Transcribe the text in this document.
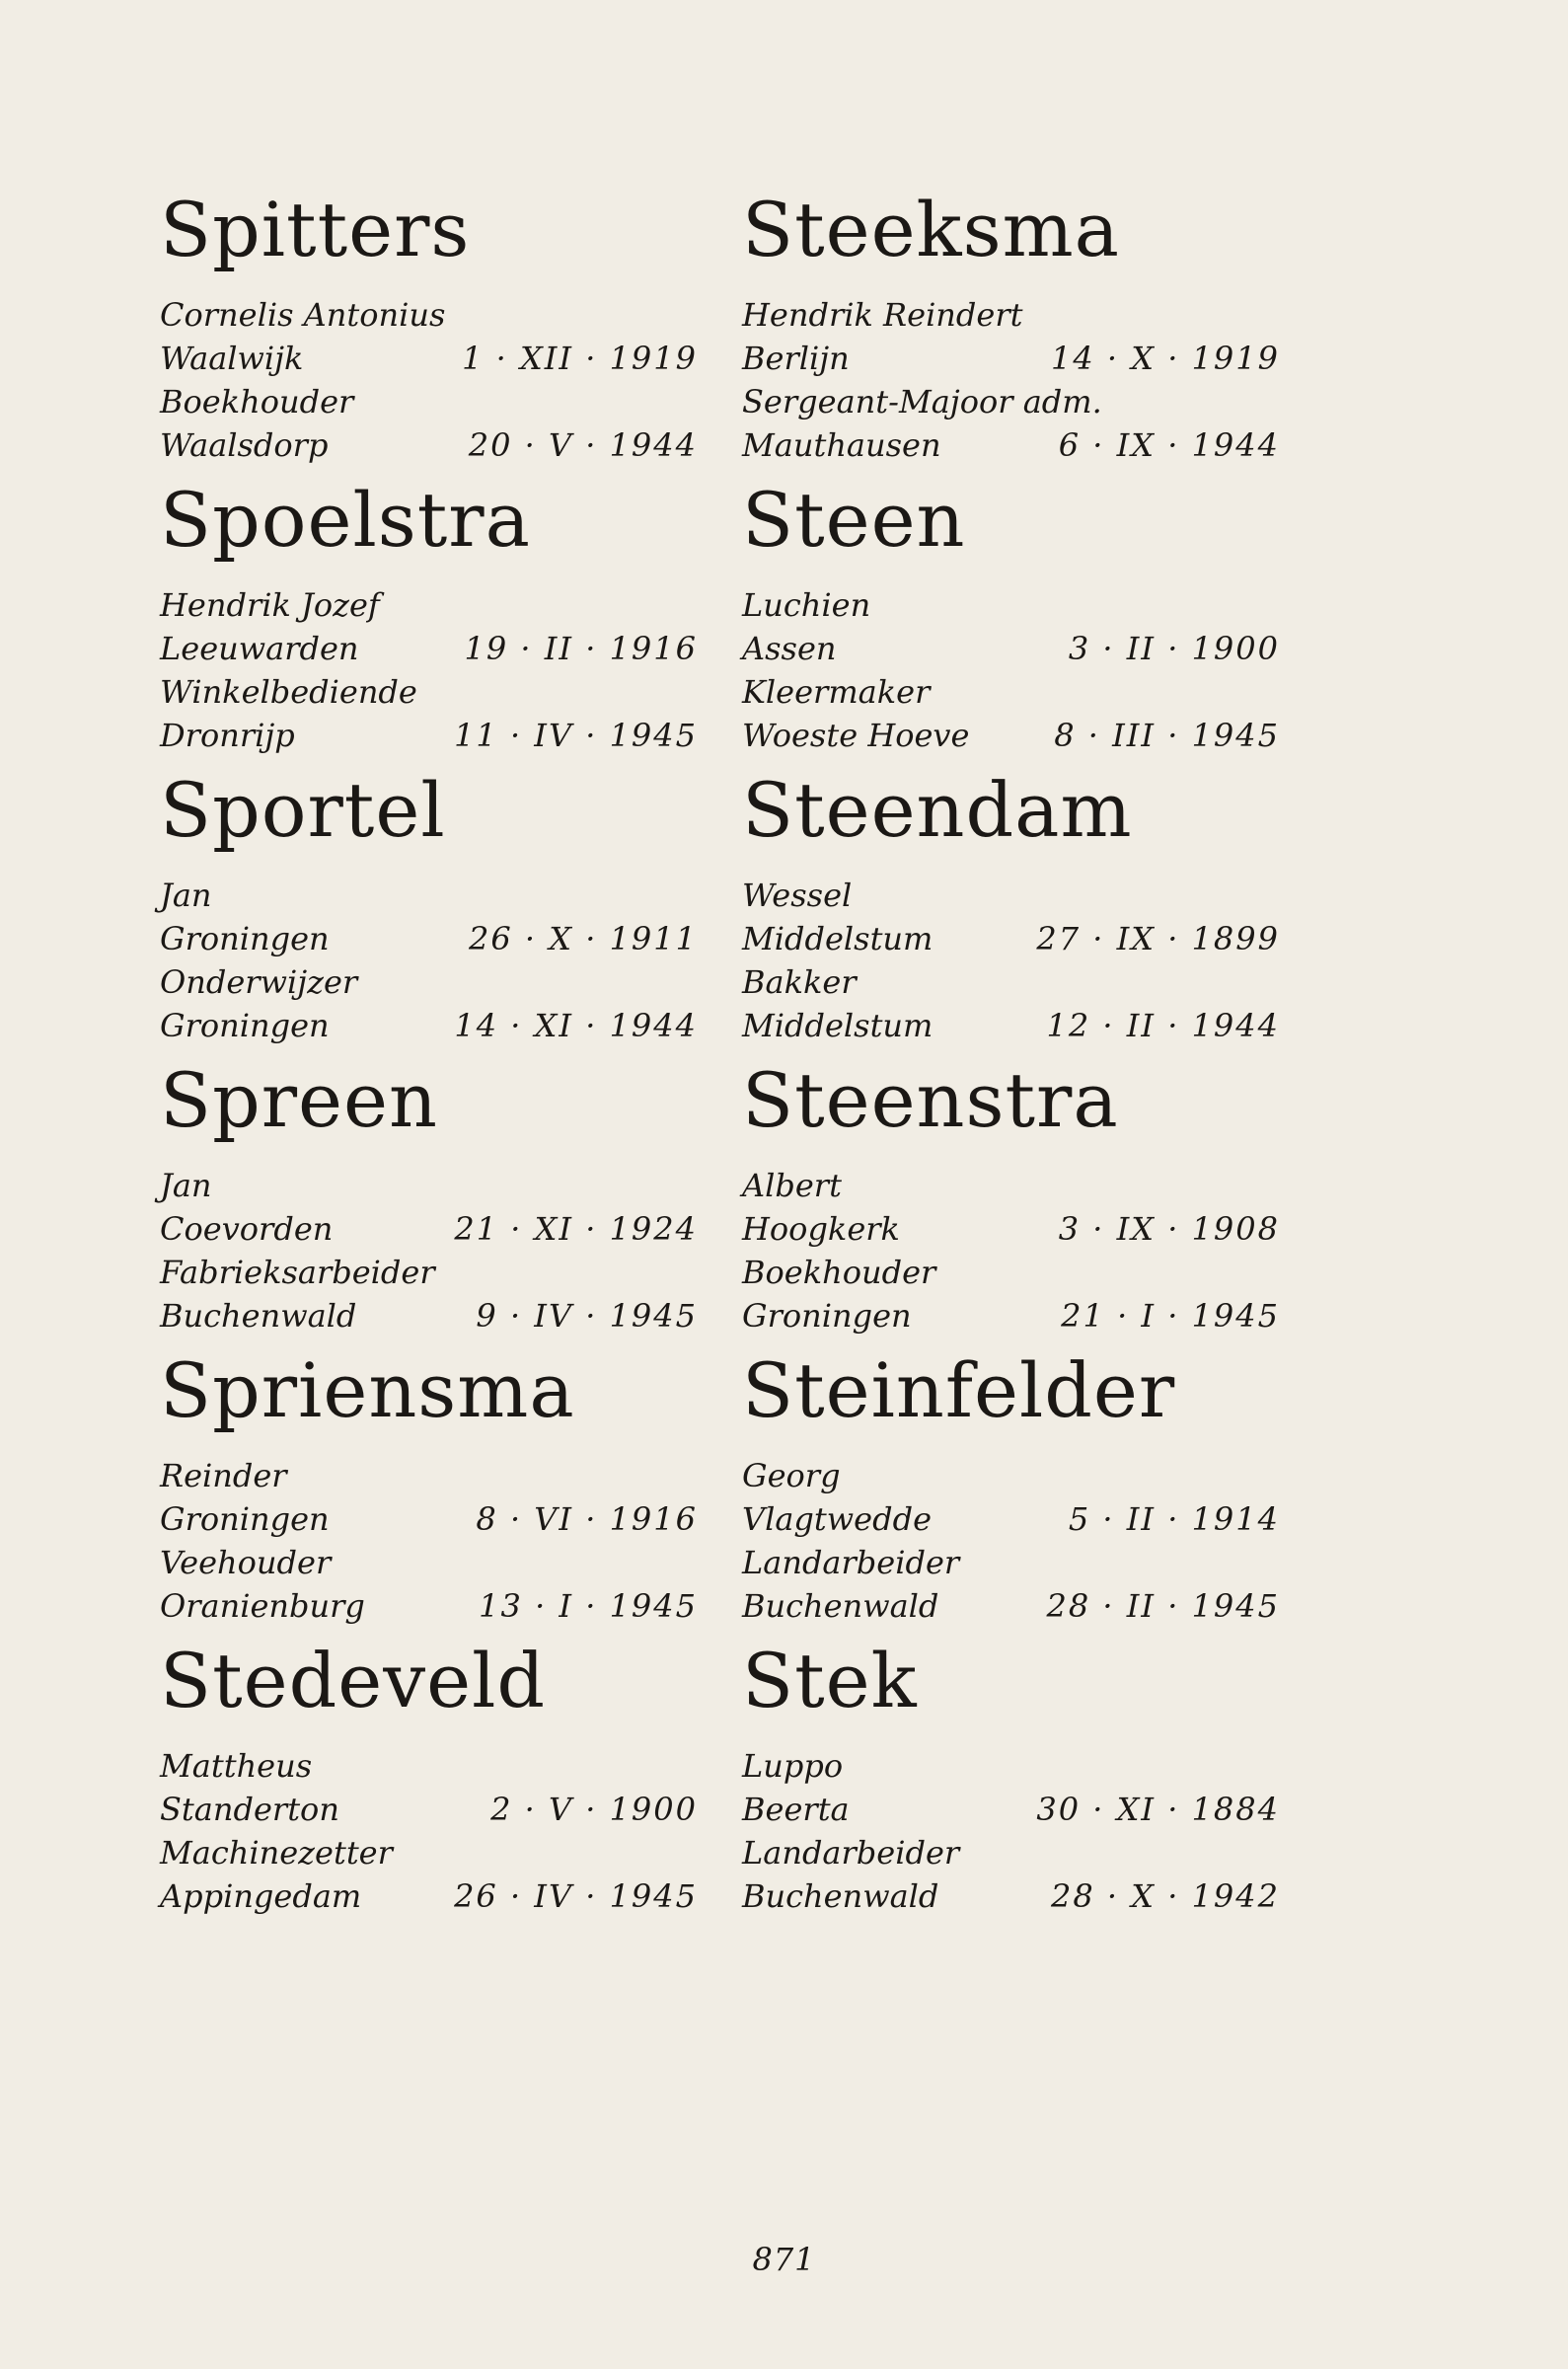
Spitters
Cornelis Antonius
Waalwijk	1 · XII · 1919
Boekhouder
Waalsdorp	20 · V · 1944
Spoelstra
Hendrik Jozef
Leeuwarden	19 · II · 1916
Winkelbediende
Dronrijp	11 · IV · 1945
Sportel
Jan
Groningen	26 · X · 1911
Onderwijzer
Groningen	14 · XI · 1944
Spreen
Jan
Coevorden	21 · XI · 1924
Fabrieksarbeider
Buchenwald	9 · IV · 1945
Spriensma
Reinder
Groningen	8 · VI · 1916
Veehouder
Oranienburg	13 · I · 1945
Stedeveld
Mattheus
Standerton	2 · V · 1900
Machinezetter
Appingedam	26 · IV · 1945
Steeksma
Hendrik Reindert
Berlijn	14 · X · 1919
Sergeant-Majoor adm.
Mauthausen	6 · IX · 1944
Steen
Luchien
Assen	3 · II · 1900
Kleermaker
Woeste Hoeve	8 · III · 1945
Steendam
Wessel
Middelstum	27 · IX · 1899
Bakker
Middelstum	12 · II · 1944
Steenstra
Albert
Hoogkerk	3 · IX · 1908
Boekhouder
Groningen	21 · I · 1945
Steinfelder
Georg
Vlagtwedde	5 · II · 1914
Landarbeider
Buchenwald	28 · II · 1945
Stek
Luppo
Beerta	30 · XI · 1884
Landarbeider
Buchenwald	28 · X · 1942
871
